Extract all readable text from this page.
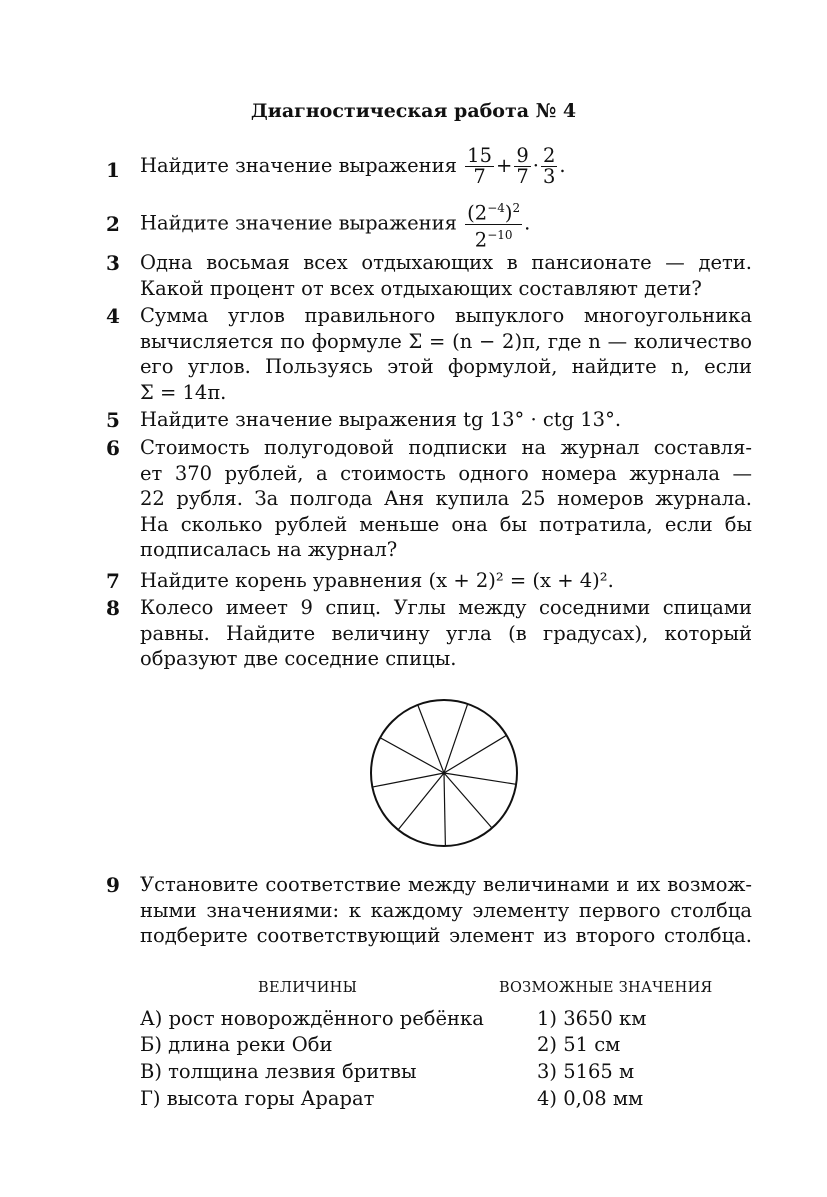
Диагностическая работа № 4
1 Найдите значение выражения $\frac{15}{7} + \frac{9}{7} \cdot \frac{2}{3}$ .
2 Найдите значение выражения $\frac{(2^{-4})^2}{2^{-10}}$ .
3 Одна восьмая всех отдыхающих в пансионате — дети.
Какой процент от всех отдыхающих составляют дети?
4 Сумма углов правильного выпуклого многоугольника
вычисляется по формуле Σ = (n − 2)π, где n — количество
его углов. Пользуясь этой формулой, найдите n, если
Σ = 14π.
5 Найдите значение выражения tg 13° · ctg 13°.
6 Стоимость полугодовой подписки на журнал составля-
ет 370 рублей, а стоимость одного номера журнала —
22 рубля. За полгода Аня купила 25 номеров журнала.
На сколько рублей меньше она бы потратила, если бы
подписалась на журнал?
7 Найдите корень уравнения (x + 2)² = (x + 4)².
8 Колесо имеет 9 спиц. Углы между соседними спицами
равны. Найдите величину угла (в градусах), который
образуют две соседние спицы.
9 Установите соответствие между величинами и их возмож-
ными значениями: к каждому элементу первого столбца
подберите соответствующий элемент из второго столбца.
ВЕЛИЧИНЫ	ВОЗМОЖНЫЕ ЗНАЧЕНИЯ
А) рост новорождённого ребёнка
Б) длина реки Оби
В) толщина лезвия бритвы
Г) высота горы Арарат
1) 3650 км
2) 51 см
3) 5165 м
4) 0,08 мм
